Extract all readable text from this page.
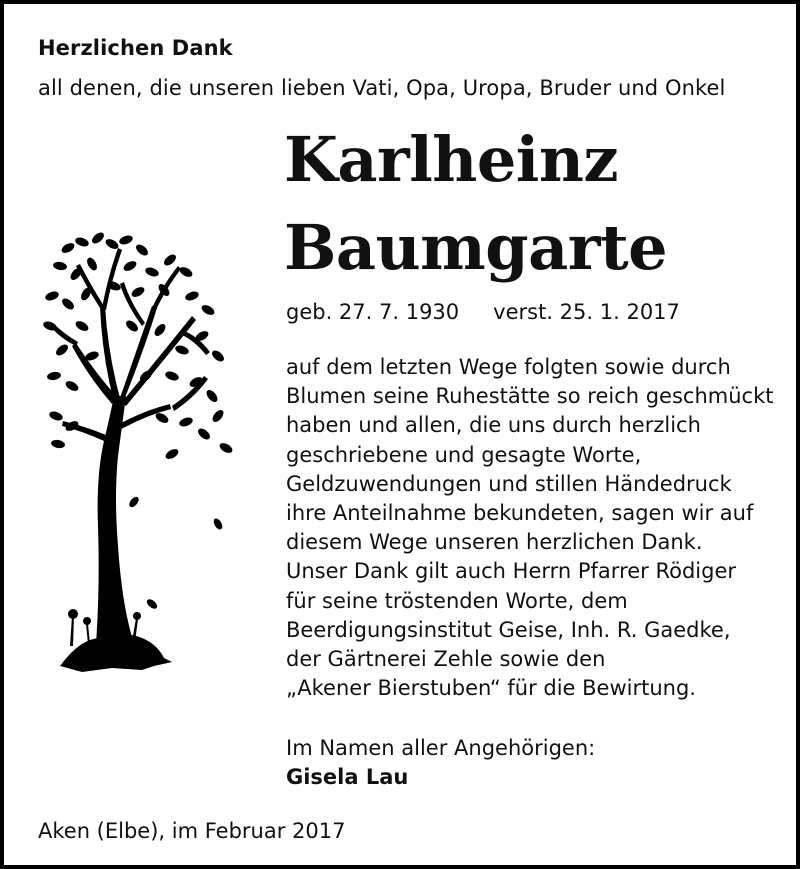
Herzlichen Dank
all denen, die unseren lieben Vati, Opa, Uropa, Bruder und Onkel
Karlheinz
Baumgarte
geb. 27. 7. 1930 verst. 25. 1. 2017
auf dem letzten Wege folgten sowie durch
Blumen seine Ruhestätte so reich geschmückt
haben und allen, die uns durch herzlich
geschriebene und gesagte Worte,
Geldzuwendungen und stillen Händedruck
ihre Anteilnahme bekundeten, sagen wir auf
diesem Wege unseren herzlichen Dank.
Unser Dank gilt auch Herrn Pfarrer Rödiger
für seine tröstenden Worte, dem
Beerdigungsinstitut Geise, Inh. R. Gaedke,
der Gärtnerei Zehle sowie den
„Akener Bierstuben“ für die Bewirtung.
Im Namen aller Angehörigen:
Gisela Lau
Aken (Elbe), im Februar 2017
